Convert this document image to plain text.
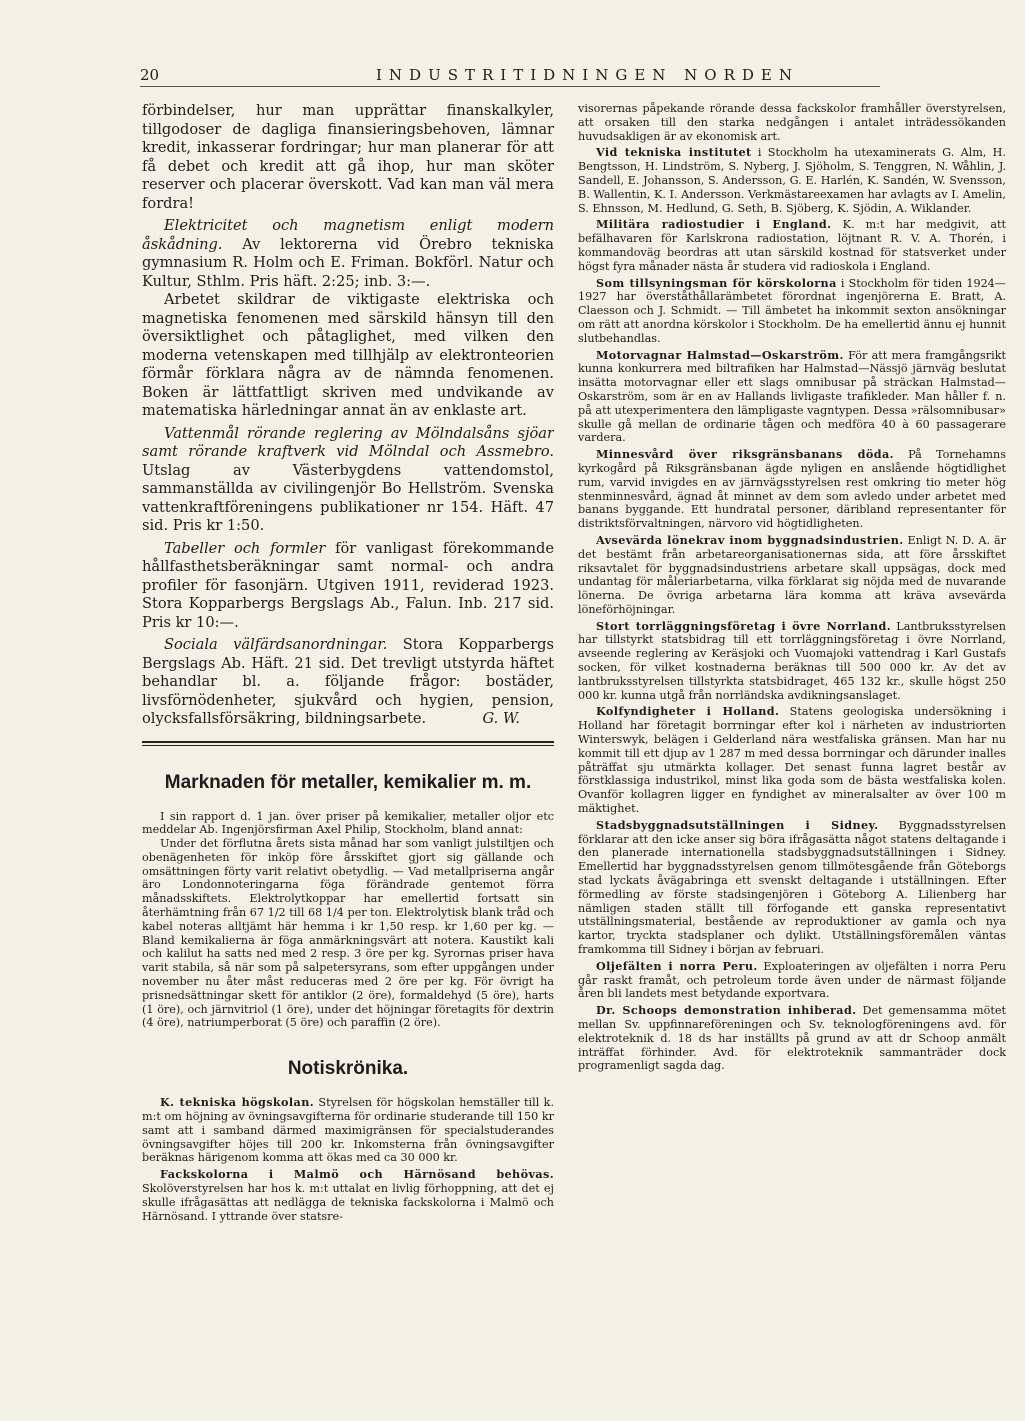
20	INDUSTRITIDNINGEN NORDEN

förbindelser, hur man upprättar finanskalkyler, tillgodoser de dagliga finansieringsbehoven, lämnar kredit, inkasserar fordringar; hur man planerar för att få debet och kredit att gå ihop, hur man sköter reserver och placerar överskott. Vad kan man väl mera fordra!

Elektricitet och magnetism enligt modern åskådning. Av lektorerna vid Örebro tekniska gymnasium R. Holm och E. Friman. Bokförl. Natur och Kultur, Sthlm. Pris häft. 2:25; inb. 3:—.

Arbetet skildrar de viktigaste elektriska och magnetiska fenomenen med särskild hänsyn till den översiktlighet och påtaglighet, med vilken den moderna vetenskapen med tillhjälp av elektronteorien förmår förklara några av de nämnda fenomenen. Boken är lättfattligt skriven med undvikande av matematiska härledningar annat än av enklaste art.

Vattenmål rörande reglering av Mölndalsåns sjöar samt rörande kraftverk vid Mölndal och Assmebro. Utslag av Västerbygdens vattendomstol, sammanställda av civilingenjör Bo Hellström. Svenska vattenkraftföreningens publikationer nr 154. Häft. 47 sid. Pris kr 1:50.

Tabeller och formler för vanligast förekommande hållfasthetsberäkningar samt normal- och andra profiler för fasonjärn. Utgiven 1911, reviderad 1923. Stora Kopparbergs Bergslags Ab., Falun. Inb. 217 sid. Pris kr 10:—.

Sociala välfärdsanordningar. Stora Kopparbergs Bergslags Ab. Häft. 21 sid. Det trevligt utstyrda häftet behandlar bl. a. följande frågor: bostäder, livsförnödenheter, sjukvård och hygien, pension, olycksfallsförsäkring, bildningsarbete.	G. W.

Marknaden för metaller, kemikalier m. m.

I sin rapport d. 1 jan. över priser på kemikalier, metaller oljor etc meddelar Ab. Ingenjörsfirman Axel Philip, Stockholm, bland annat:

Under det förflutna årets sista månad har som vanligt julstiltjen och obenägenheten för inköp före årsskiftet gjort sig gällande och omsättningen förty varit relativt obetydlig. — Vad metallpriserna angår äro Londonnoteringarna föga förändrade gentemot förra månadsskiftets. Elektrolytkoppar har emellertid fortsatt sin återhämtning från 67 1/2 till 68 1/4 per ton. Elektrolytisk blank tråd och kabel noteras alltjämt här hemma i kr 1,50 resp. kr 1,60 per kg. — Bland kemikalierna är föga anmärkningsvärt att notera. Kaustikt kali och kalilut ha satts ned med 2 resp. 3 öre per kg. Syrornas priser hava varit stabila, så när som på salpetersyrans, som efter uppgången under november nu åter måst reduceras med 2 öre per kg. För övrigt ha prisnedsättningar skett för antiklor (2 öre), formaldehyd (5 öre), harts (1 öre), och järnvitriol (1 öre), under det höjningar företagits för dextrin (4 öre), natriumperborat (5 öre) och paraffin (2 öre).

Notiskrönika.

K. tekniska högskolan. Styrelsen för högskolan hemställer till k. m:t om höjning av övningsavgifterna för ordinarie studerande till 150 kr samt att i samband därmed maximigränsen för specialstuderandes övningsavgifter höjes till 200 kr. Inkomsterna från övningsavgifter beräknas härigenom komma att ökas med ca 30 000 kr.

Fackskolorna i Malmö och Härnösand behövas. Skolöverstyrelsen har hos k. m:t uttalat en livlig förhoppning, att det ej skulle ifrågasättas att nedlägga de tekniska fackskolorna i Malmö och Härnösand. I yttrande över statsre-

visorernas påpekande rörande dessa fackskolor framhåller överstyrelsen, att orsaken till den starka nedgången i antalet inträdessökanden huvudsakligen är av ekonomisk art.

Vid tekniska institutet i Stockholm ha utexaminerats G. Alm, H. Bengtsson, H. Lindström, S. Nyberg, J. Sjöholm, S. Tenggren, N. Wåhlin, J. Sandell, E. Johansson, S. Andersson, G. E. Harlén, K. Sandén, W. Svensson, B. Wallentin, K. I. Andersson. Verkmästareexamen har avlagts av I. Amelin, S. Ehnsson, M. Hedlund, G. Seth, B. Sjöberg, K. Sjödin, A. Wiklander.

Militära radiostudier i England. K. m:t har medgivit, att befälhavaren för Karlskrona radiostation, löjtnant R. V. A. Thorén, i kommandoväg beordras att utan särskild kostnad för statsverket under högst fyra månader nästa år studera vid radioskola i England.

Som tillsyningsman för körskolorna i Stockholm för tiden 1924—1927 har överståthållarämbetet förordnat ingenjörerna E. Bratt, A. Claesson och J. Schmidt. — Till ämbetet ha inkommit sexton ansökningar om rätt att anordna körskolor i Stockholm. De ha emellertid ännu ej hunnit slutbehandlas.

Motorvagnar Halmstad—Oskarström. För att mera framgångsrikt kunna konkurrera med biltrafiken har Halmstad—Nässjö järnväg beslutat insätta motorvagnar eller ett slags omnibusar på sträckan Halmstad—Oskarström, som är en av Hallands livligaste trafikleder. Man håller f. n. på att utexperimentera den lämpligaste vagntypen. Dessa »rälsomnibusar» skulle gå mellan de ordinarie tågen och medföra 40 à 60 passagerare vardera.

Minnesvård över riksgränsbanans döda. På Tornehamns kyrkogård på Riksgränsbanan ägde nyligen en anslående högtidlighet rum, varvid invigdes en av järnvägsstyrelsen rest omkring tio meter hög stenminnesvård, ägnad åt minnet av dem som avledo under arbetet med banans byggande. Ett hundratal personer, däribland representanter för distriktsförvaltningen, närvoro vid högtidligheten.

Avsevärda lönekrav inom byggnadsindustrien. Enligt N. D. A. är det bestämt från arbetareorganisationernas sida, att före årsskiftet riksavtalet för byggnadsindustriens arbetare skall uppsägas, dock med undantag för måleriarbetarna, vilka förklarat sig nöjda med de nuvarande lönerna. De övriga arbetarna lära komma att kräva avsevärda löneförhöjningar.

Stort torrläggningsföretag i övre Norrland. Lantbruksstyrelsen har tillstyrkt statsbidrag till ett torrläggningsföretag i övre Norrland, avseende reglering av Keräsjoki och Vuomajoki vattendrag i Karl Gustafs socken, för vilket kostnaderna beräknas till 500 000 kr. Av det av lantbruksstyrelsen tillstyrkta statsbidraget, 465 132 kr., skulle högst 250 000 kr. kunna utgå från norrländska avdikningsanslaget.

Kolfyndigheter i Holland. Statens geologiska undersökning i Holland har företagit borrningar efter kol i närheten av industriorten Winterswyk, belägen i Gelderland nära westfaliska gränsen. Man har nu kommit till ett djup av 1 287 m med dessa borrningar och därunder inalles påträffat sju utmärkta kollager. Det senast funna lagret består av förstklassiga industrikol, minst lika goda som de bästa westfaliska kolen. Ovanför kollagren ligger en fyndighet av mineralsalter av över 100 m mäktighet.

Stadsbyggnadsutställningen i Sidney. Byggnadsstyrelsen förklarar att den icke anser sig böra ifrågasätta något statens deltagande i den planerade internationella stadsbyggnadsutställningen i Sidney. Emellertid har byggnadsstyrelsen genom tillmötesgående från Göteborgs stad lyckats åvägabringa ett svenskt deltagande i utställningen. Efter förmedling av förste stadsingenjören i Göteborg A. Lilienberg har nämligen staden ställt till förfogande ett ganska representativt utställningsmaterial, bestående av reproduktioner av gamla och nya kartor, tryckta stadsplaner och dylikt. Utställningsföremålen väntas framkomma till Sidney i början av februari.

Oljefälten i norra Peru. Exploateringen av oljefälten i norra Peru går raskt framåt, och petroleum torde även under de närmast följande åren bli landets mest betydande exportvara.

Dr. Schoops demonstration inhiberad. Det gemensamma mötet mellan Sv. uppfinnareföreningen och Sv. teknologföreningens avd. för elektroteknik d. 18 ds har inställts på grund av att dr Schoop anmält inträffat förhinder. Avd. för elektroteknik sammanträder dock programenligt sagda dag.
